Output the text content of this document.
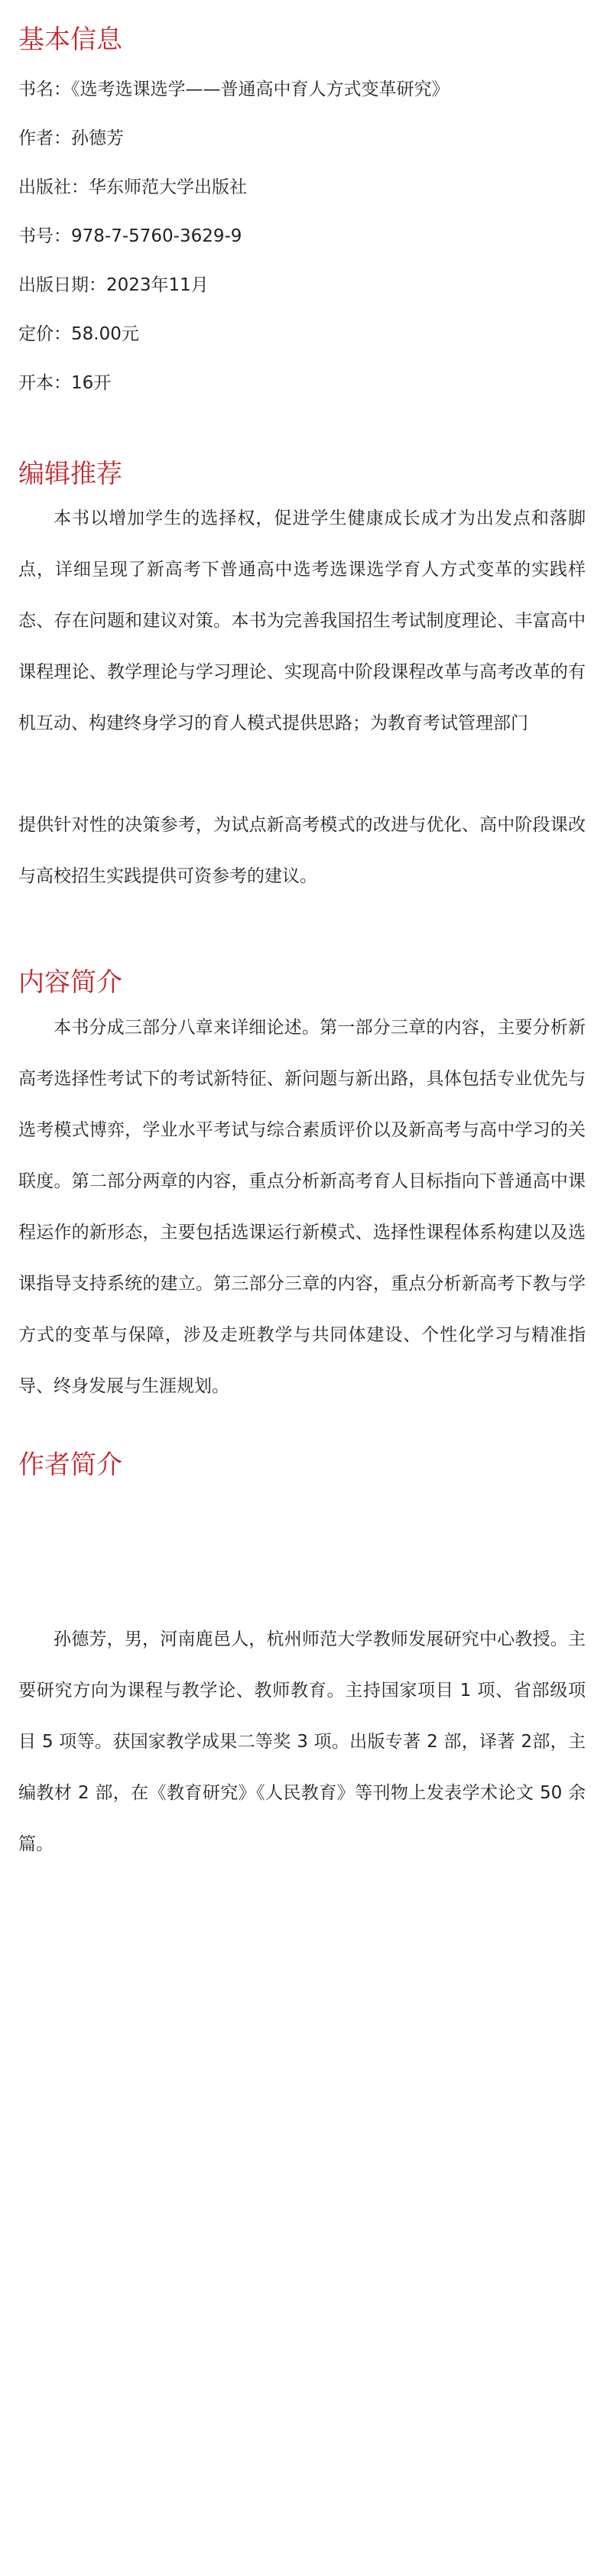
基本信息
书名：《选考选课选学——普通高中育人方式变革研究》
作者：孙德芳
出版社：华东师范大学出版社
书号：978-7-5760-3629-9
出版日期：2023年11月
定价：58.00元
开本：16开
编辑推荐

本书以增加学生的选择权，促进学生健康成长成才为出发点和落脚点，详细呈现了新高考下普通高中选考选课选学育人方式变革的实践样态、存在问题和建议对策。本书为完善我国招生考试制度理论、丰富高中课程理论、教学理论与学习理论、实现高中阶段课程改革与高考改革的有机互动、构建终身学习的育人模式提供思路；为教育考试管理部门

提供针对性的决策参考，为试点新高考模式的改进与优化、高中阶段课改与高校招生实践提供可资参考的建议。

内容简介

本书分成三部分八章来详细论述。第一部分三章的内容，主要分析新高考选择性考试下的考试新特征、新问题与新出路，具体包括专业优先与选考模式博弈，学业水平考试与综合素质评价以及新高考与高中学习的关联度。第二部分两章的内容，重点分析新高考育人目标指向下普通高中课程运作的新形态，主要包括选课运行新模式、选择性课程体系构建以及选课指导支持系统的建立。第三部分三章的内容，重点分析新高考下教与学方式的变革与保障，涉及走班教学与共同体建设、个性化学习与精准指导、终身发展与生涯规划。

作者简介

孙德芳，男，河南鹿邑人，杭州师范大学教师发展研究中心教授。主要研究方向为课程与教学论、教师教育。主持国家项目 1 项、省部级项目 5 项等。获国家教学成果二等奖 3 项。出版专著 2 部，译著 2部，主编教材 2 部，在《教育研究》《人民教育》等刊物上发表学术论文 50 余篇。
